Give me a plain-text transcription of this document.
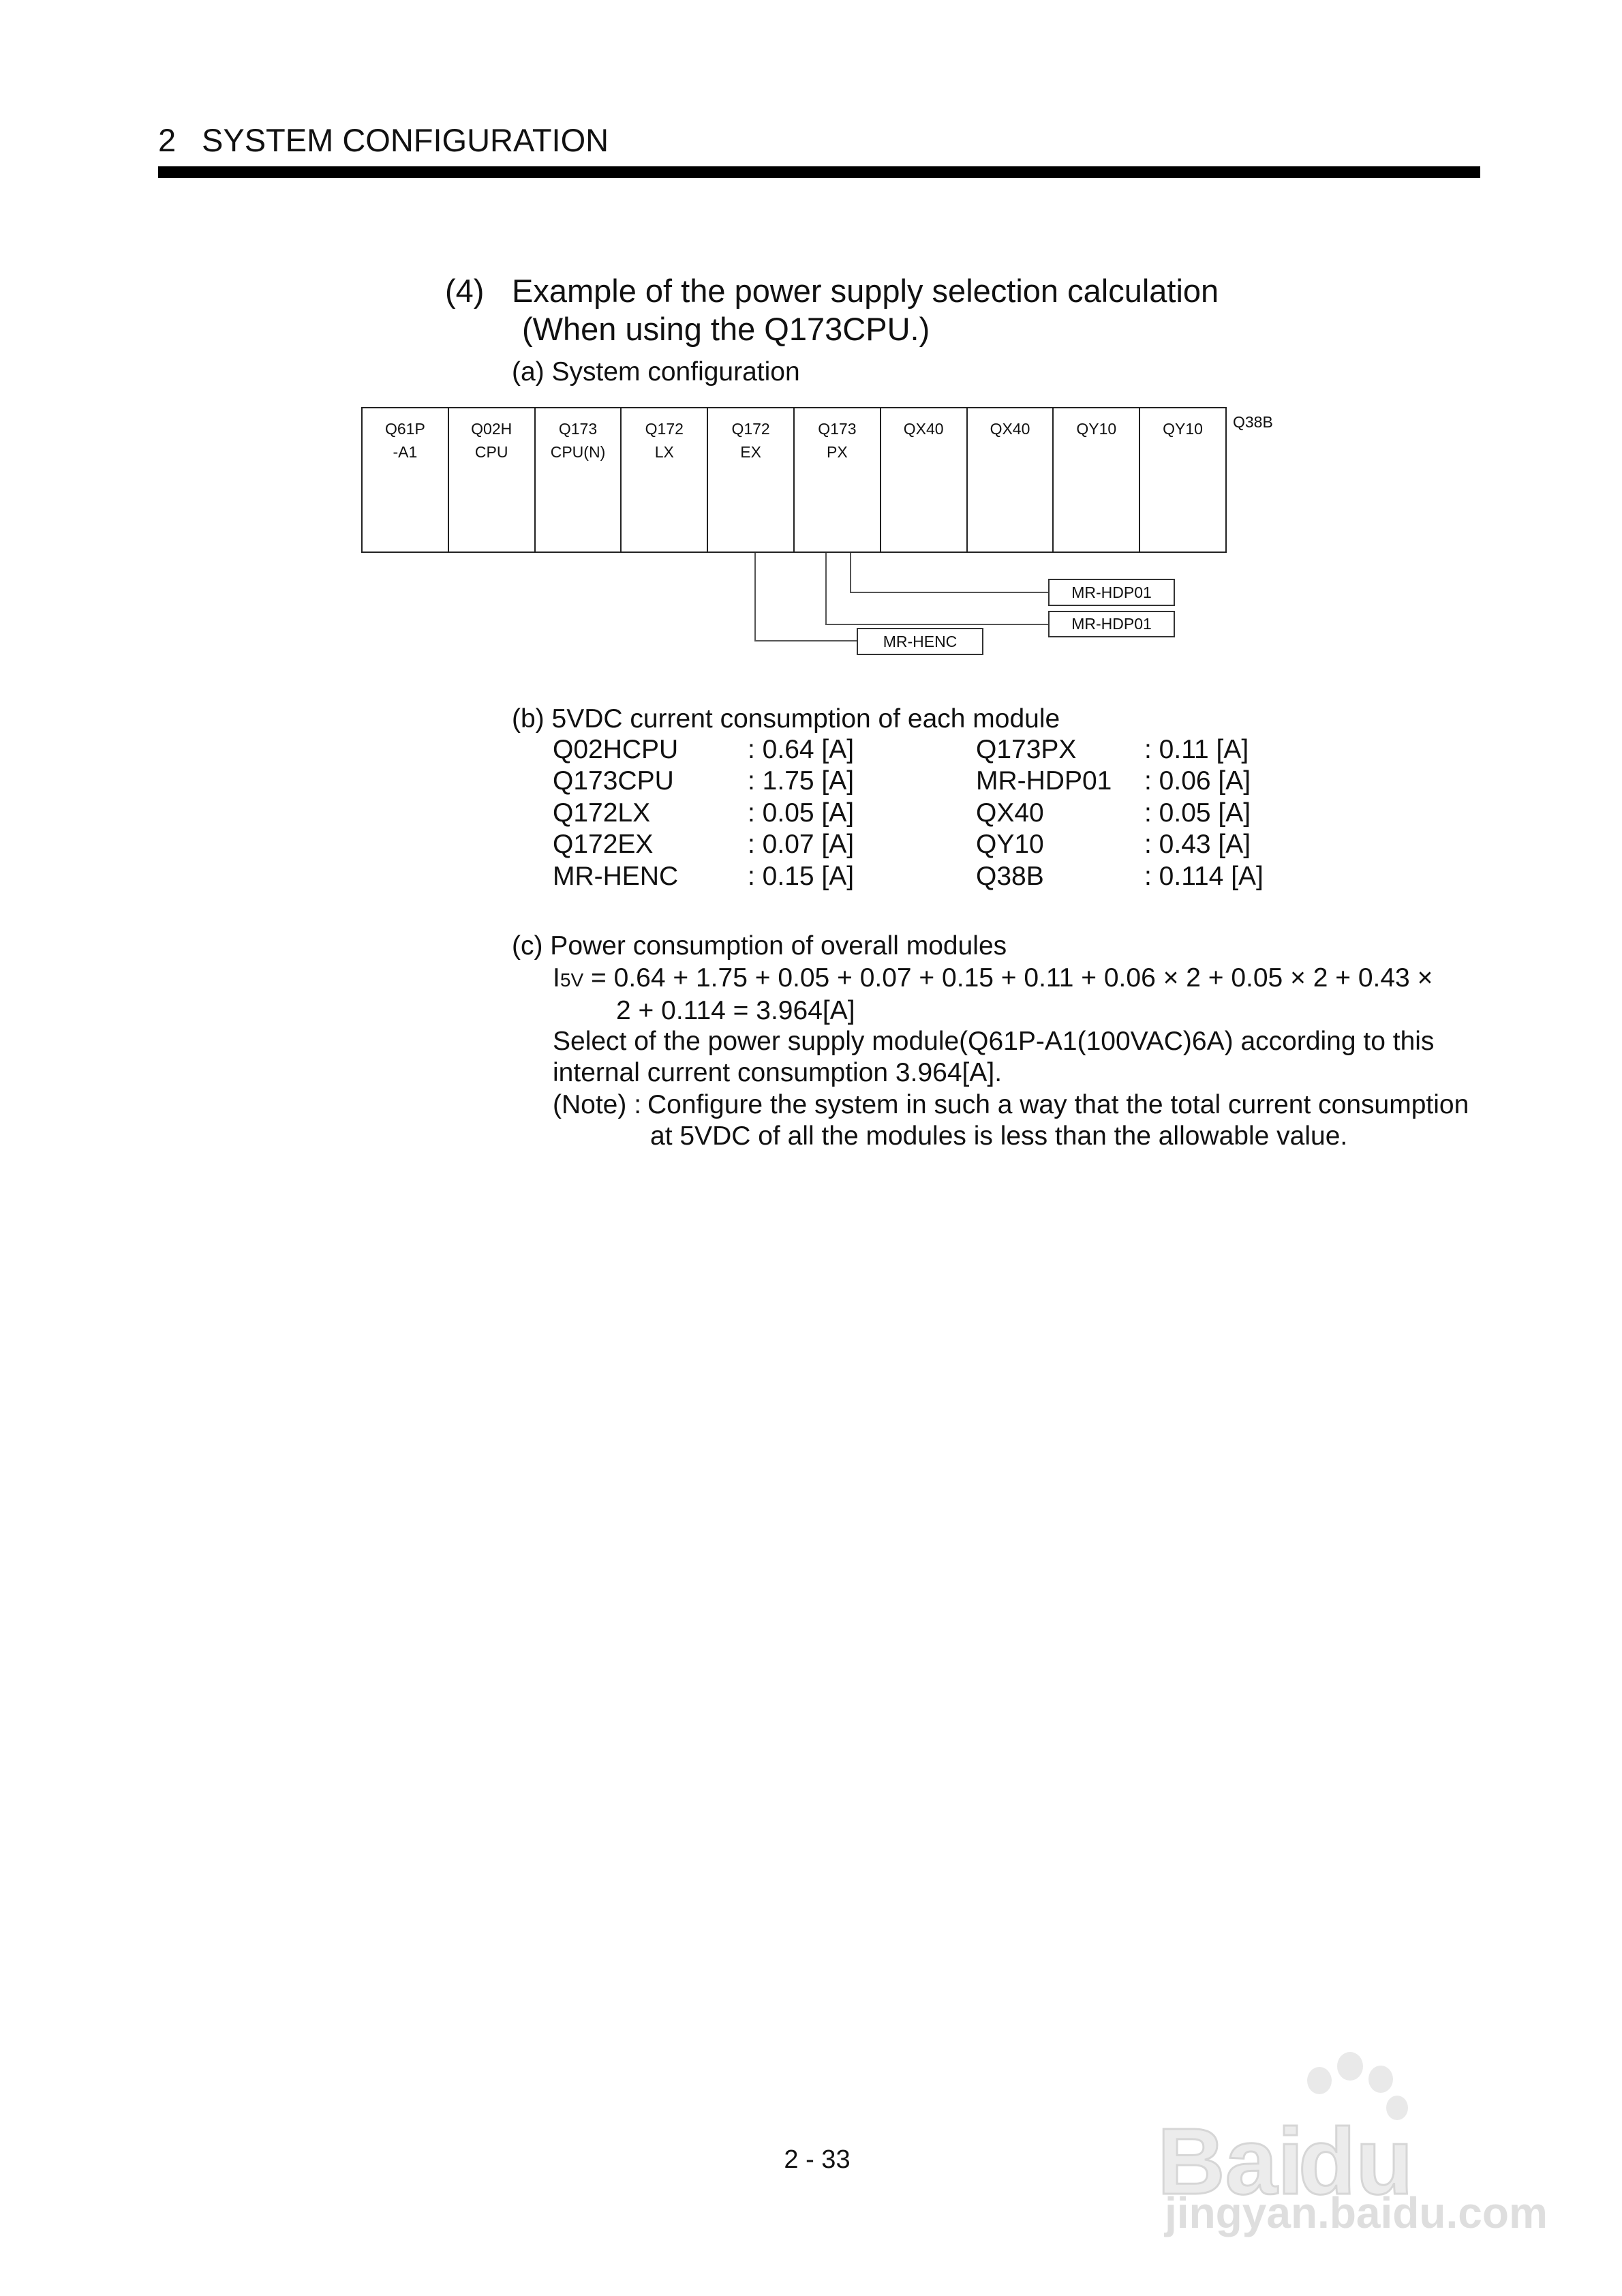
2 SYSTEM CONFIGURATION
(4) Example of the power supply selection calculation
(When using the Q173CPU.)
(a) System configuration
Q61P
-A1
Q02H
CPU
Q173
CPU(N)
Q172
LX
Q172
EX
Q173
PX
QX40	QX40	QY10	QY10	Q38B
MR-HDP01
MR-HDP01
MR-HENC
(b) 5VDC current consumption of each module
Q02HCPU	: 0.64 [A]	Q173PX	: 0.11 [A]
Q173CPU	: 1.75 [A]	MR-HDP01 : 0.06 [A]
Q172LX	: 0.05 [A]	QX40	: 0.05 [A]
Q172EX	: 0.07 [A]	QY10	: 0.43 [A]
MR-HENC	: 0.15 [A]	Q38B	: 0.114 [A]
(c) Power consumption of overall modules
I5V = 0.64 + 1.75 + 0.05 + 0.07 + 0.15 + 0.11 + 0.06 × 2 + 0.05 × 2 + 0.43 ×
2 + 0.114 = 3.964[A]
Select of the power supply module(Q61P-A1(100VAC)6A) according to this
internal current consumption 3.964[A].
(Note) :
Configure the system in such a way that the total current consumption
at 5VDC of all the modules is less than the allowable value.
2 - 33	Bai
du
jingyan.baidu.com
